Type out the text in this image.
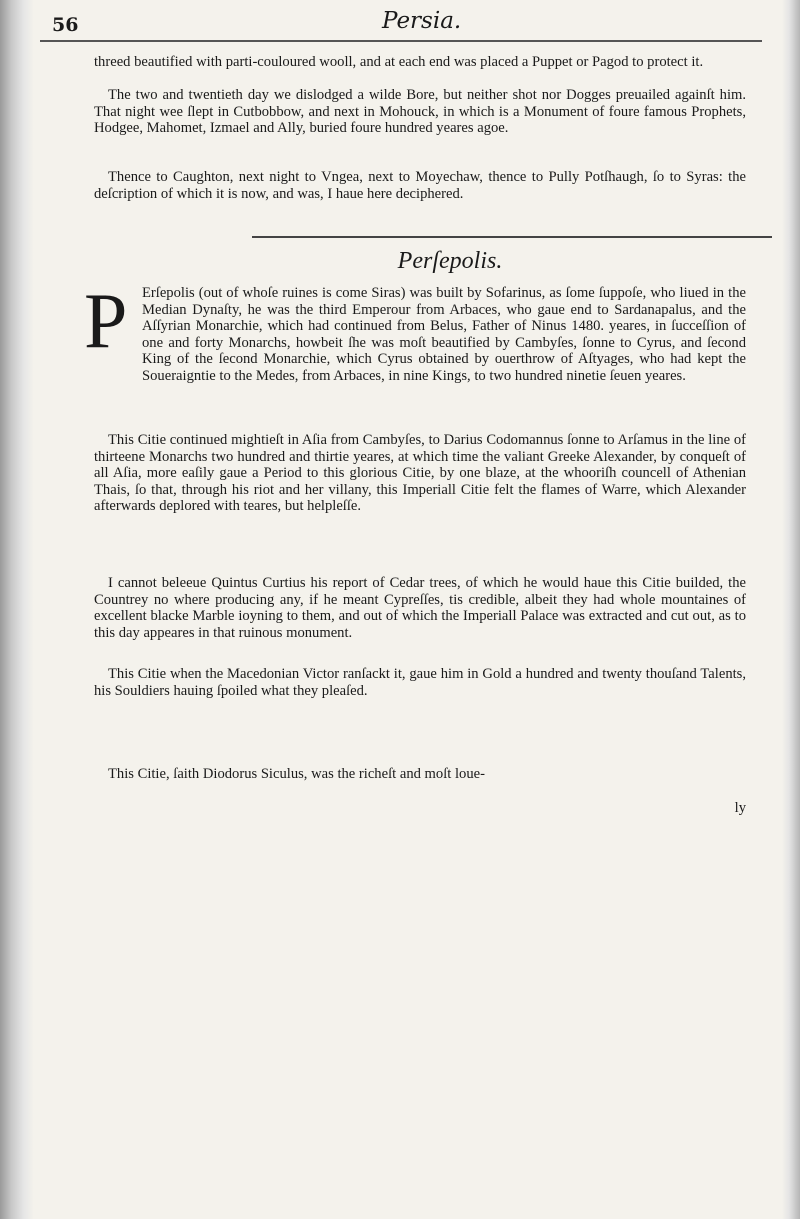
56	Persia.

threed beautified with parti-couloured wooll, and at each end was placed a Puppet or Pagod to protect it.

The two and twentieth day we dislodged a wilde Bore, but neither shot nor Dogges preuailed againſt him. That night wee ſlept in Cutbobbow, and next in Mohouck, in which is a Monument of foure famous Prophets, Hodgee, Mahomet, Izmael and Ally, buried foure hundred yeares agoe.

Thence to Caughton, next night to Vngea, next to Moyechaw, thence to Pully Potſhaugh, ſo to Syras: the deſcription of which it is now, and was, I haue here deciphered.

Perſepolis.
P Erſepolis (out of whoſe ruines is come Siras) was built by Sofarinus, as ſome ſuppoſe, who liued in the Median Dynaſty, he was the third Emperour from Arbaces, who gaue end to Sardanapalus, and the Aſſyrian Monarchie, which had continued from Belus, Father of Ninus 1480. yeares, in ſucceſſion of one and forty Monarchs, howbeit ſhe was moſt beautified by Cambyſes, ſonne to Cyrus, and ſecond King of the ſecond Monarchie, which Cyrus obtained by ouerthrow of Aſtyages, who had kept the Soueraigntie to the Medes, from Arbaces, in nine Kings, to two hundred ninetie ſeuen yeares.

This Citie continued mightieſt in Aſia from Cambyſes, to Darius Codomannus ſonne to Arſamus in the line of thirteene Monarchs two hundred and thirtie yeares, at which time the valiant Greeke Alexander, by conqueſt of all Aſia, more eaſily gaue a Period to this glorious Citie, by one blaze, at the whooriſh councell of Athenian Thais, ſo that, through his riot and her villany, this Imperiall Citie felt the flames of Warre, which Alexander afterwards deplored with teares, but helpleſſe.

I cannot beleeue Quintus Curtius his report of Cedar trees, of which he would haue this Citie builded, the Countrey no where producing any, if he meant Cypreſſes, tis credible, albeit they had whole mountaines of excellent blacke Marble ioyning to them, and out of which the Imperiall Palace was extracted and cut out, as to this day appeares in that ruinous monument.

This Citie when the Macedonian Victor ranſackt it, gaue him in Gold a hundred and twenty thouſand Talents, his Souldiers hauing ſpoiled what they pleaſed.

This Citie, ſaith Diodorus Siculus, was the richeſt and moſt loue-

ly
